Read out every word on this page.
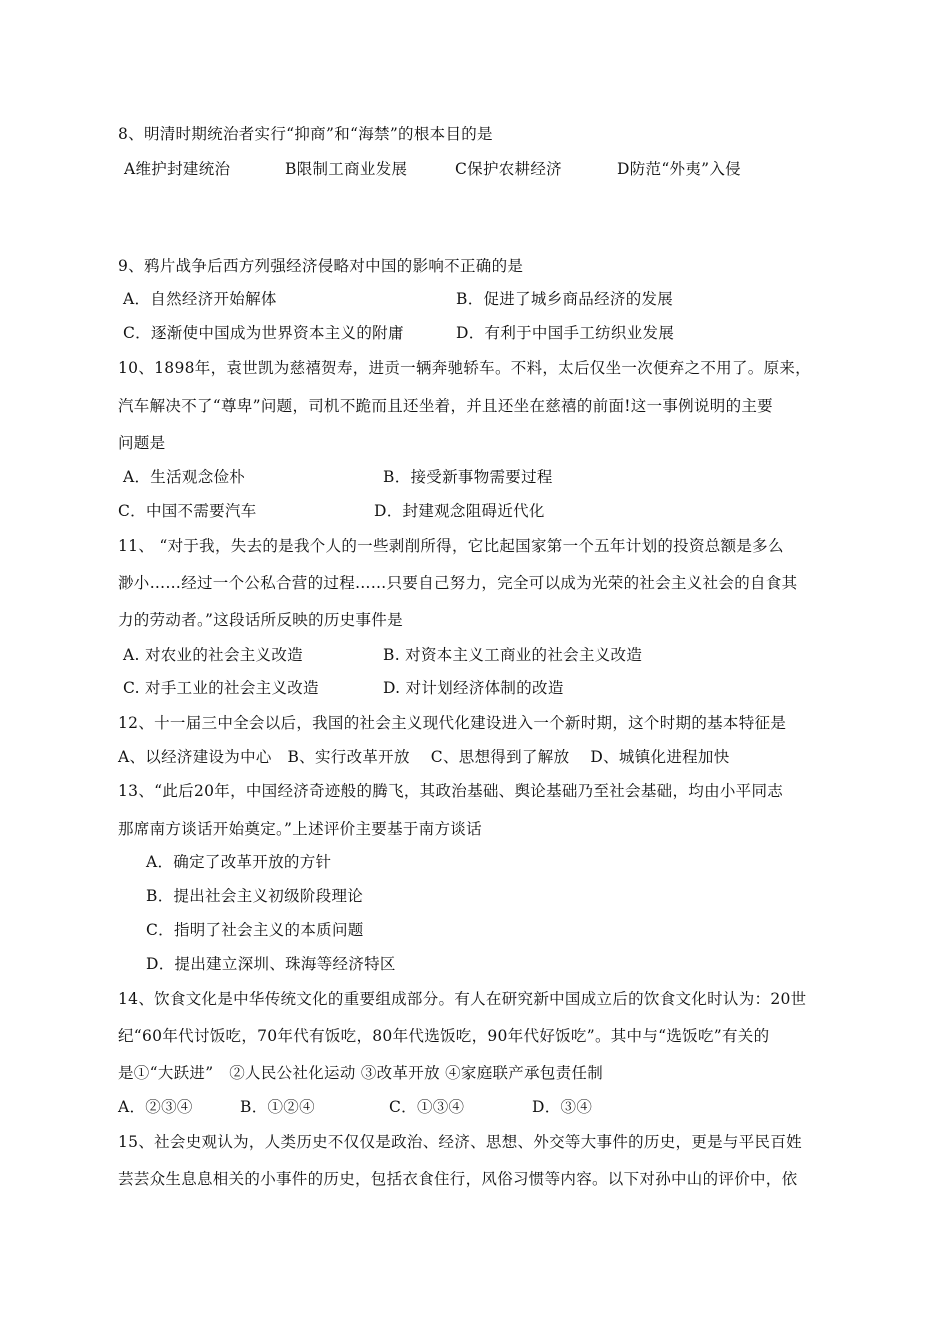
8、明清时期统治者实行“抑商”和“海禁”的根本目的是
A维护封建统治	B限制工商业发展	C保护农耕经济	D防范“外夷”入侵
9、鸦片战争后西方列强经济侵略对中国的影响不正确的是
A．自然经济开始解体	B．促进了城乡商品经济的发展
C．逐渐使中国成为世界资本主义的附庸	D．有利于中国手工纺织业发展
10、1898年，袁世凯为慈禧贺寿，进贡一辆奔驰轿车。不料，太后仅坐一次便弃之不用了。原来，
汽车解决不了“尊卑”问题，司机不跪而且还坐着，并且还坐在慈禧的前面!这一事例说明的主要
问题是
A．生活观念俭朴	B．接受新事物需要过程
C．中国不需要汽车	D．封建观念阻碍近代化
11、 “对于我，失去的是我个人的一些剥削所得，它比起国家第一个五年计划的投资总额是多么
渺小……经过一个公私合营的过程……只要自己努力，完全可以成为光荣的社会主义社会的自食其
力的劳动者。”这段话所反映的历史事件是
A. 对农业的社会主义改造	B. 对资本主义工商业的社会主义改造
C. 对手工业的社会主义改造	D. 对计划经济体制的改造
12、十一届三中全会以后，我国的社会主义现代化建设进入一个新时期，这个时期的基本特征是
A、以经济建设为中心　B、实行改革开放　 C、思想得到了解放　 D、城镇化进程加快
13、“此后20年，中国经济奇迹般的腾飞，其政治基础、舆论基础乃至社会基础，均由小平同志
那席南方谈话开始奠定。”上述评价主要基于南方谈话
A．确定了改革开放的方针
B．提出社会主义初级阶段理论
C．指明了社会主义的本质问题
D．提出建立深圳、珠海等经济特区
14、饮食文化是中华传统文化的重要组成部分。有人在研究新中国成立后的饮食文化时认为：20世
纪“60年代讨饭吃，70年代有饭吃，80年代选饭吃，90年代好饭吃”。其中与“选饭吃”有关的
是①“大跃进”　②人民公社化运动 ③改革开放 ④家庭联产承包责任制
A．②③④	B．①②④	C．①③④	D．③④
15、社会史观认为，人类历史不仅仅是政治、经济、思想、外交等大事件的历史，更是与平民百姓
芸芸众生息息相关的小事件的历史，包括衣食住行，风俗习惯等内容。以下对孙中山的评价中，依
